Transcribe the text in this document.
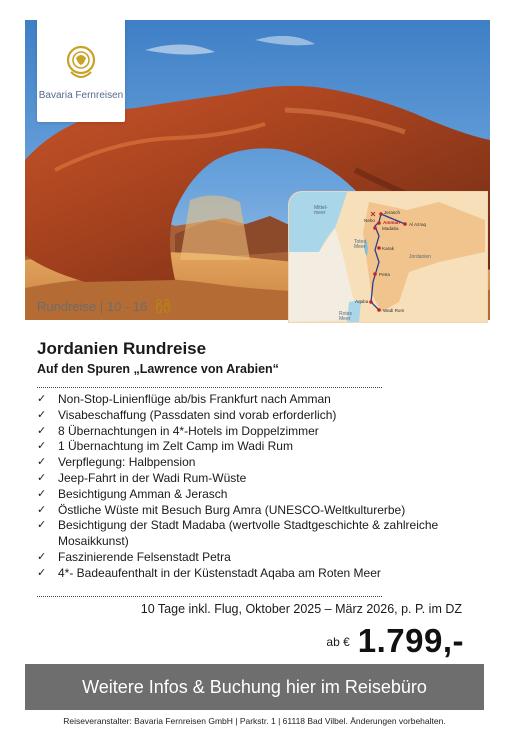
Bavaria Fernreisen
Mittel-
meer
Totes
Meer
Jordanien
Rotes
Meer
Jerasch
Amman
Madaba
Nebo
Al Azraq
Karak
Petra
Aqaba
Wadi Rum
Rundreise | 10 - 16
Jordanien Rundreise
Auf den Spuren „Lawrence von Arabien“
✓ Non-Stop-Linienflüge ab/bis Frankfurt nach Amman
✓ Visabeschaffung (Passdaten sind vorab erforderlich)
✓ 8 Übernachtungen in 4*-Hotels im Doppelzimmer
✓ 1 Übernachtung im Zelt Camp im Wadi Rum
✓ Verpflegung: Halbpension
✓ Jeep-Fahrt in der Wadi Rum-Wüste
✓ Besichtigung Amman & Jerasch
✓ Östliche Wüste mit Besuch Burg Amra (UNESCO-Weltkulturerbe)
✓ Besichtigung der Stadt Madaba (wertvolle Stadtgeschichte & zahlreiche Mosaikkunst)
✓ Faszinierende Felsenstadt Petra
✓ 4*- Badeaufenthalt in der Küstenstadt Aqaba am Roten Meer
10 Tage inkl. Flug, Oktober 2025 – März 2026, p. P. im DZ
$^{ab €}$ 1.799,-
Weitere Infos & Buchung hier im Reisebüro
Reiseveranstalter: Bavaria Fernreisen GmbH | Parkstr. 1 | 61118 Bad Vilbel. Änderungen vorbehalten.
